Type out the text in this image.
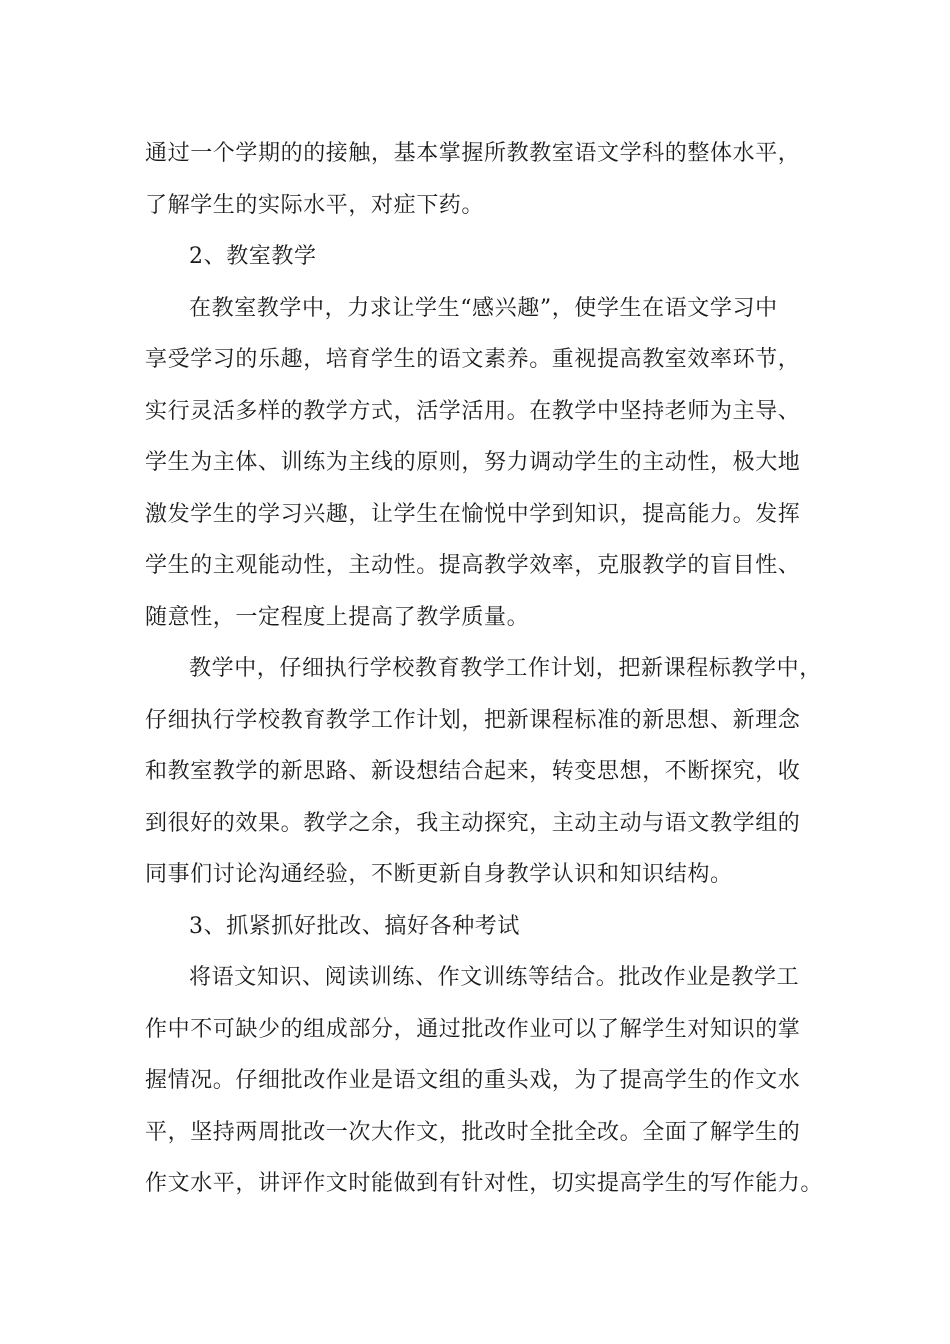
通过一个学期的的接触，基本掌握所教教室语文学科的整体水平，
了解学生的实际水平，对症下药。
2、教室教学
在教室教学中，力求让学生“感兴趣”，使学生在语文学习中
享受学习的乐趣，培育学生的语文素养。重视提高教室效率环节，
实行灵活多样的教学方式，活学活用。在教学中坚持老师为主导、
学生为主体、训练为主线的原则，努力调动学生的主动性，极大地
激发学生的学习兴趣，让学生在愉悦中学到知识，提高能力。发挥
学生的主观能动性，主动性。提高教学效率，克服教学的盲目性、
随意性，一定程度上提高了教学质量。
教学中，仔细执行学校教育教学工作计划，把新课程标教学中，
仔细执行学校教育教学工作计划，把新课程标准的新思想、新理念
和教室教学的新思路、新设想结合起来，转变思想，不断探究，收
到很好的效果。教学之余，我主动探究，主动主动与语文教学组的
同事们讨论沟通经验，不断更新自身教学认识和知识结构。
3、抓紧抓好批改、搞好各种考试
将语文知识、阅读训练、作文训练等结合。批改作业是教学工
作中不可缺少的组成部分，通过批改作业可以了解学生对知识的掌
握情况。仔细批改作业是语文组的重头戏，为了提高学生的作文水
平，坚持两周批改一次大作文，批改时全批全改。全面了解学生的
作文水平，讲评作文时能做到有针对性，切实提高学生的写作能力。
